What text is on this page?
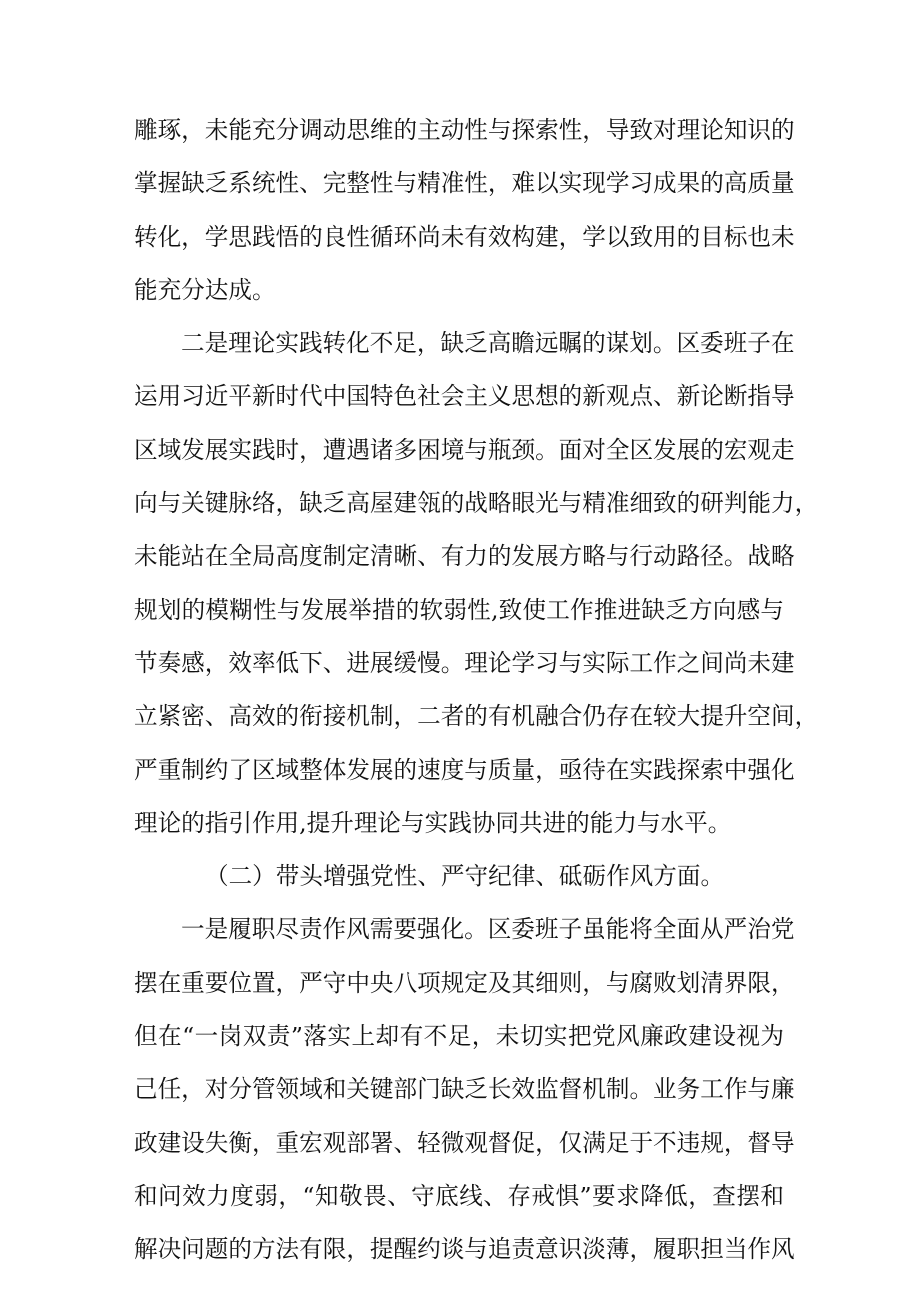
雕琢，未能充分调动思维的主动性与探索性，导致对理论知识的
掌握缺乏系统性、完整性与精准性，难以实现学习成果的高质量
转化，学思践悟的良性循环尚未有效构建，学以致用的目标也未
能充分达成。
二是理论实践转化不足，缺乏高瞻远瞩的谋划。区委班子在
运用习近平新时代中国特色社会主义思想的新观点、新论断指导
区域发展实践时，遭遇诸多困境与瓶颈。面对全区发展的宏观走
向与关键脉络，缺乏高屋建瓴的战略眼光与精准细致的研判能力，
未能站在全局高度制定清晰、有力的发展方略与行动路径。战略
规划的模糊性与发展举措的软弱性,致使工作推进缺乏方向感与
节奏感，效率低下、进展缓慢。理论学习与实际工作之间尚未建
立紧密、高效的衔接机制，二者的有机融合仍存在较大提升空间，
严重制约了区域整体发展的速度与质量，亟待在实践探索中强化
理论的指引作用,提升理论与实践协同共进的能力与水平。
（二）带头增强党性、严守纪律、砥砺作风方面。
一是履职尽责作风需要强化。区委班子虽能将全面从严治党
摆在重要位置，严守中央八项规定及其细则，与腐败划清界限，
但在“一岗双责”落实上却有不足，未切实把党风廉政建设视为
己任，对分管领域和关键部门缺乏长效监督机制。业务工作与廉
政建设失衡，重宏观部署、轻微观督促，仅满足于不违规，督导
和问效力度弱，“知敬畏、守底线、存戒惧”要求降低，查摆和
解决问题的方法有限，提醒约谈与追责意识淡薄，履职担当作风
